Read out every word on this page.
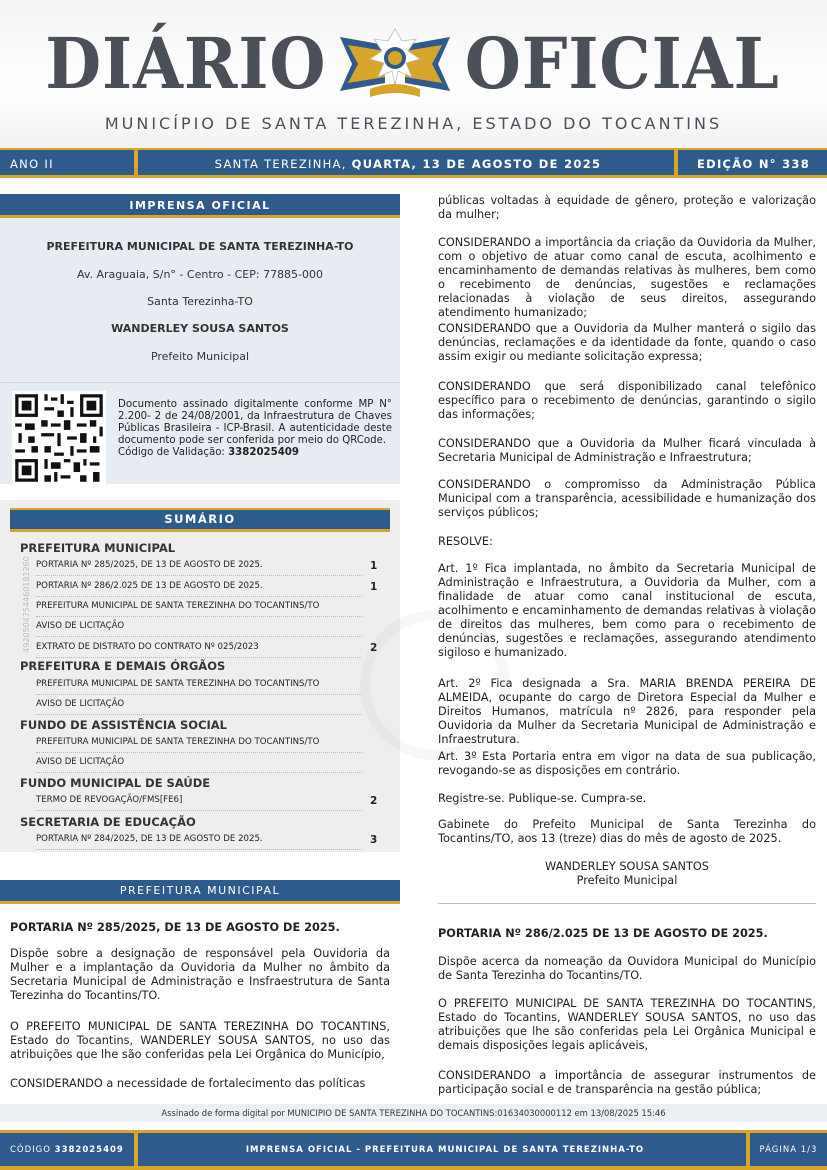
DIÁRIO OFICIAL
MUNICÍPIO DE SANTA TEREZINHA, ESTADO DO TOCANTINS
ANO II	SANTA TEREZINHA, QUARTA, 13 DE AGOSTO DE 2025	EDIÇÃO N° 338
IMPRENSA OFICIAL
PREFEITURA MUNICIPAL DE SANTA TEREZINHA-TO
Av. Araguaia, S/n° - Centro - CEP: 77885-000
Santa Terezinha-TO
WANDERLEY SOUSA SANTOS
Prefeito Municipal
Documento assinado digitalmente conforme MP N° 2.200- 2 de 24/08/2001, da Infraestrutura de Chaves Públicas Brasileira - ICP-Brasil. A autenticidade deste documento pode ser conferida por meio do QRCode.
Código de Validação: 3382025409
SUMÁRIO
PREFEITURA MUNICIPAL
PORTARIA Nº 285/2025, DE 13 DE AGOSTO DE 2025.	1
PORTARIA Nº 286/2.025 DE 13 DE AGOSTO DE 2025.	1
PREFEITURA MUNICIPAL DE SANTA TEREZINHA DO TOCANTINS/TO
AVISO DE LICITAÇÃO
EXTRATO DE DISTRATO DO CONTRATO Nº 025/2023	2
PREFEITURA E DEMAIS ÓRGÃOS
PREFEITURA MUNICIPAL DE SANTA TEREZINHA DO TOCANTINS/TO
AVISO DE LICITAÇÃO
FUNDO DE ASSISTÊNCIA SOCIAL
PREFEITURA MUNICIPAL DE SANTA TEREZINHA DO TOCANTINS/TO
AVISO DE LICITAÇÃO
FUNDO MUNICIPAL DE SAÚDE
TERMO DE REVOGAÇÃO/FMS[FE6]	2
SECRETARIA DE EDUCAÇÃO
PORTARIA Nº 284/2025, DE 13 DE AGOSTO DE 2025.	3
PREFEITURA MUNICIPAL
49205047544601812​60
PORTARIA Nº 285/2025, DE 13 DE AGOSTO DE 2025.
Dispõe sobre a designação de responsável pela Ouvidoria da Mulher e a implantação da Ouvidoria da Mulher no âmbito da Secretaria Municipal de Administração e Insfraestrutura de Santa Terezinha do Tocantins/TO.
O PREFEITO MUNICIPAL DE SANTA TEREZINHA DO TOCANTINS, Estado do Tocantins, WANDERLEY SOUSA SANTOS, no uso das atribuições que lhe são conferidas pela Lei Orgânica do Município,
CONSIDERANDO a necessidade de fortalecimento das políticas
públicas voltadas à equidade de gênero, proteção e valorização da mulher;
CONSIDERANDO a importância da criação da Ouvidoria da Mulher, com o objetivo de atuar como canal de escuta, acolhimento e encaminhamento de demandas relativas às mulheres, bem como o recebimento de denúncias, sugestões e reclamações relacionadas à violação de seus direitos, assegurando atendimento humanizado;
CONSIDERANDO que a Ouvidoria da Mulher manterá o sigilo das denúncias, reclamações e da identidade da fonte, quando o caso assim exigir ou mediante solicitação expressa;
CONSIDERANDO que será disponibilizado canal telefônico específico para o recebimento de denúncias, garantindo o sigilo das informações;
CONSIDERANDO que a Ouvidoria da Mulher ficará vinculada à Secretaria Municipal de Administração e Infraestrutura;
CONSIDERANDO o compromisso da Administração Pública Municipal com a transparência, acessibilidade e humanização dos serviços públicos;
RESOLVE:
Art. 1º Fica implantada, no âmbito da Secretaria Municipal de Administração e Infraestrutura, a Ouvidoria da Mulher, com a finalidade de atuar como canal institucional de escuta, acolhimento e encaminhamento de demandas relativas à violação de direitos das mulheres, bem como para o recebimento de denúncias, sugestões e reclamações, assegurando atendimento sigiloso e humanizado.
Art. 2º Fica designada a Sra. MARIA BRENDA PEREIRA DE ALMEIDA, ocupante do cargo de Diretora Especial da Mulher e Direitos Humanos, matrícula nº 2826, para responder pela Ouvidoria da Mulher da Secretaria Municipal de Administração e Infraestrutura.
Art. 3º Esta Portaria entra em vigor na data de sua publicação, revogando-se as disposições em contrário.
Registre-se. Publique-se. Cumpra-se.
Gabinete do Prefeito Municipal de Santa Terezinha do Tocantins/TO, aos 13 (treze) dias do mês de agosto de 2025.
WANDERLEY SOUSA SANTOS
Prefeito Municipal
PORTARIA Nº 286/2.025 DE 13 DE AGOSTO DE 2025.
Dispõe acerca da nomeação da Ouvidora Municipal do Município de Santa Terezinha do Tocantins/TO.
O PREFEITO MUNICIPAL DE SANTA TEREZINHA DO TOCANTINS, Estado do Tocantins, WANDERLEY SOUSA SANTOS, no uso das atribuições que lhe são conferidas pela Lei Orgânica Municipal e demais disposições legais aplicáveis,
CONSIDERANDO a importância de assegurar instrumentos de participação social e de transparência na gestão pública;
Assinado de forma digital por MUNICIPIO DE SANTA TEREZINHA DO TOCANTINS:01634030000112 em 13/08/2025 15:46
CÓDIGO 3382025409	IMPRENSA OFICIAL - PREFEITURA MUNICIPAL DE SANTA TEREZINHA-TO	PÁGINA 1/3
